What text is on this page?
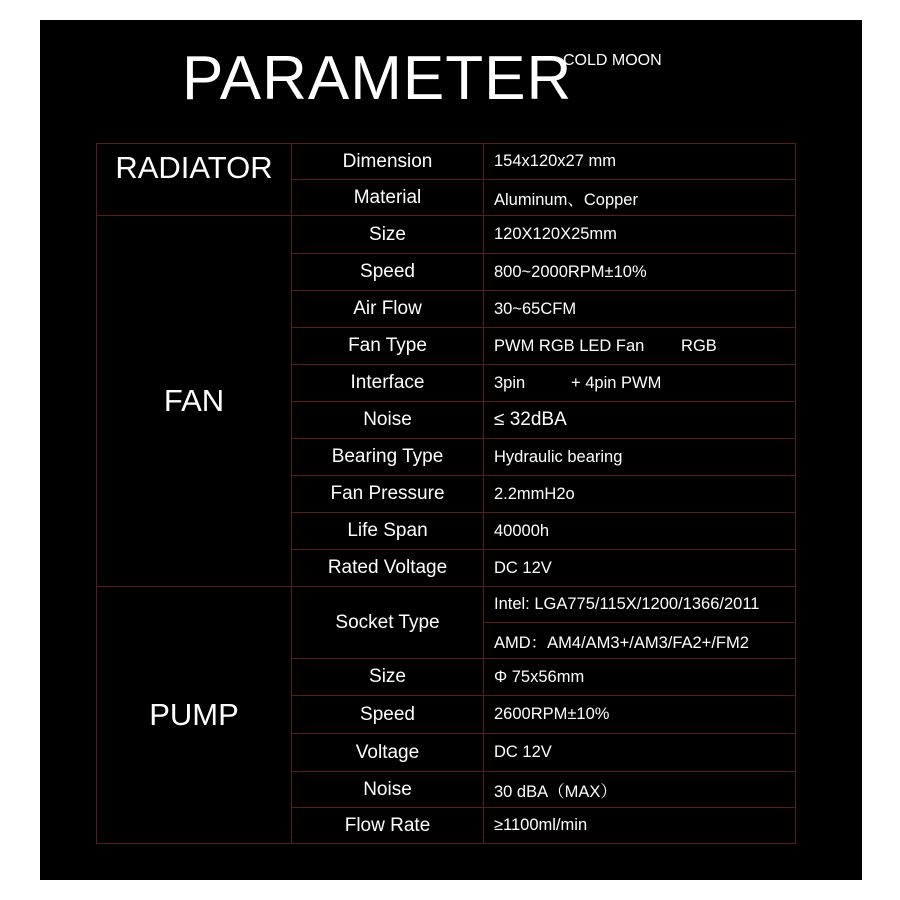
PARAMETER
COLD MOON
RADIATOR	Dimension	154x120x27 mm
	Material	Aluminum、Copper
FAN	Size	120X120X25mm
	Speed	800~2000RPM±10%
	Air Flow	30~65CFM
	Fan Type	PWM RGB LED Fan        RGB
	Interface	3pin          + 4pin PWM
	Noise	≤ 32dBA
	Bearing Type	Hydraulic bearing
	Fan Pressure	2.2mmH2o
	Life Span	40000h
	Rated Voltage	DC 12V
PUMP	Socket Type	Intel: LGA775/115X/1200/1366/2011
		AMD：AM4/AM3+/AM3/FA2+/FM2
	Size	Φ 75x56mm
	Speed	2600RPM±10%
	Voltage	DC 12V
	Noise	30 dBA（MAX）
	Flow Rate	≥1100ml/min
